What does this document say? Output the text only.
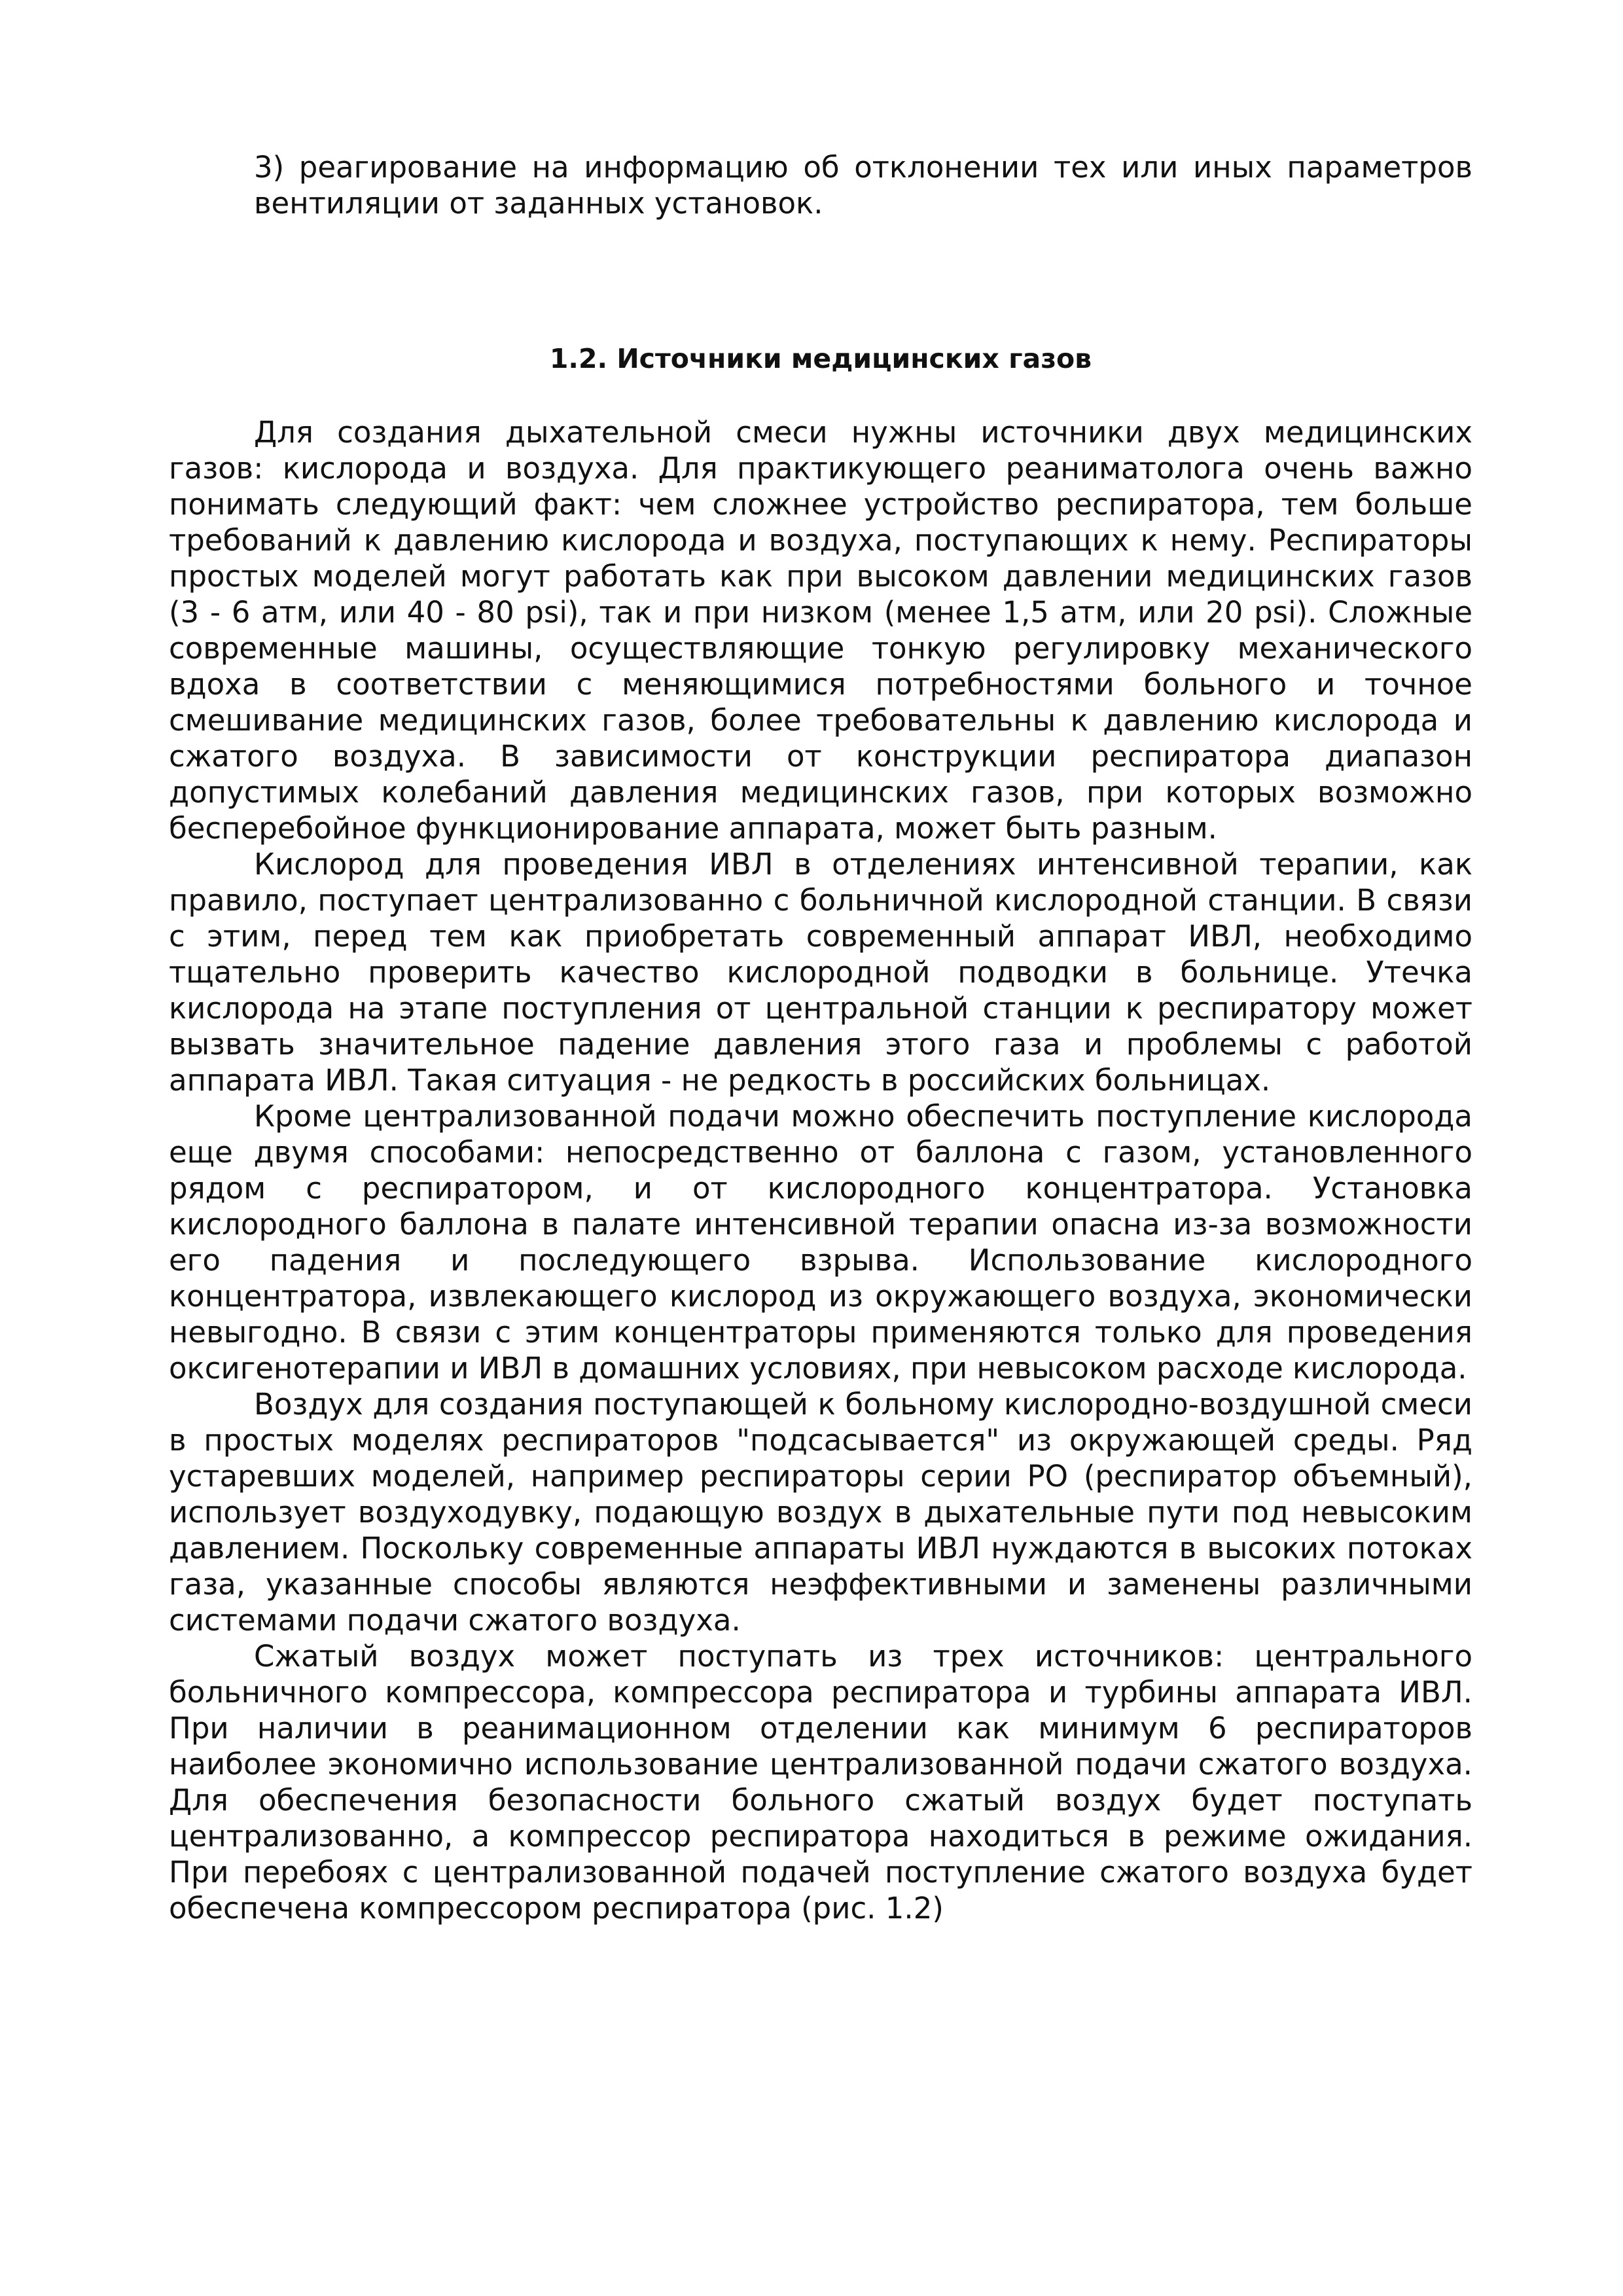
3) реагирование на информацию об отклонении тех или иных параметров вентиляции от заданных установок.

1.2. Источники медицинских газов

Для создания дыхательной смеси нужны источники двух медицинских газов: кислорода и воздуха. Для практикующего реаниматолога очень важно понимать следующий факт: чем сложнее устройство респиратора, тем больше требований к давлению кислорода и воздуха, поступающих к нему. Респираторы простых моделей могут работать как при высоком давлении медицинских газов (3 - 6 атм, или 40 - 80 psi), так и при низком (менее 1,5 атм, или 20 psi). Сложные современные машины, осуществляющие тонкую регулировку механического вдоха в соответствии с меняющимися потребностями больного и точное смешивание медицинских газов, более требовательны к давлению кислорода и сжатого воздуха. В зависимости от конструкции респиратора диапазон допустимых колебаний давления медицинских газов, при которых возможно бесперебойное функционирование аппарата, может быть разным.

Кислород для проведения ИВЛ в отделениях интенсивной терапии, как правило, поступает централизованно с больничной кислородной станции. В связи с этим, перед тем как приобретать современный аппарат ИВЛ, необходимо тщательно проверить качество кислородной подводки в больнице. Утечка кислорода на этапе поступления от центральной станции к респиратору может вызвать значительное падение давления этого газа и проблемы с работой аппарата ИВЛ. Такая ситуация - не редкость в российских больницах.

Кроме централизованной подачи можно обеспечить поступление кислорода еще двумя способами: непосредственно от баллона с газом, установленного рядом с респиратором, и от кислородного концентратора. Установка кислородного баллона в палате интенсивной терапии опасна из-за возможности его падения и последующего взрыва. Использование кислородного концентратора, извлекающего кислород из окружающего воздуха, экономически невыгодно. В связи с этим концентраторы применяются только для проведения оксигенотерапии и ИВЛ в домашних условиях, при невысоком расходе кислорода.

Воздух для создания поступающей к больному кислородно-воздушной смеси в простых моделях респираторов "подсасывается" из окружающей среды. Ряд устаревших моделей, например респираторы серии РО (респиратор объемный), использует воздуходувку, подающую воздух в дыхательные пути под невысоким давлением. Поскольку современные аппараты ИВЛ нуждаются в высоких потоках газа, указанные способы являются неэффективными и заменены различными системами подачи сжатого воздуха.

Сжатый воздух может поступать из трех источников: центрального больничного компрессора, компрессора респиратора и турбины аппарата ИВЛ. При наличии в реанимационном отделении как минимум 6 респираторов наиболее экономично использование централизованной подачи сжатого воздуха. Для обеспечения безопасности больного сжатый воздух будет поступать централизованно, а компрессор респиратора находиться в режиме ожидания. При перебоях с централизованной подачей поступление сжатого воздуха будет обеспечена компрессором респиратора (рис. 1.2)
